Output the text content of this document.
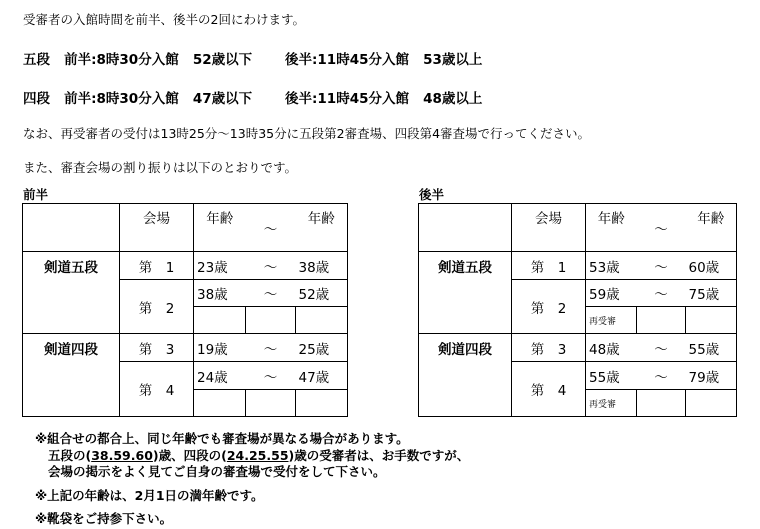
受審者の入館時間を前半、後半の2回にわけます。
五段 前半:8時30分入館 52歳以下 後半:11時45分入館 53歳以上
四段 前半:8時30分入館 47歳以下 後半:11時45分入館 48歳以上
なお、再受審者の受付は13時25分～13時35分に五段第2審査場、四段第4審査場で行ってください。
また、審査会場の割り振りは以下のとおりです。
前半	後半
	会場	年齢	～	年齢
剣道五段	第　1	23歳	～	38歳
	第　2	38歳	～	52歳

剣道四段	第　3	19歳	～	25歳
	第　4	24歳	～	47歳

	会場	年齢	～	年齢
剣道五段	第　1	53歳	～	60歳
	第　2	59歳	～	75歳
		再受審		
剣道四段	第　3	48歳	～	55歳
	第　4	55歳	～	79歳
		再受審		
※組合せの都合上、同じ年齢でも審査場が異なる場合があります。
五段の(38.59.60)歳、四段の(24.25.55)歳の受審者は、お手数ですが、
会場の掲示をよく見てご自身の審査場で受付をして下さい。
※上記の年齢は、2月1日の満年齢です。
※靴袋をご持参下さい。
